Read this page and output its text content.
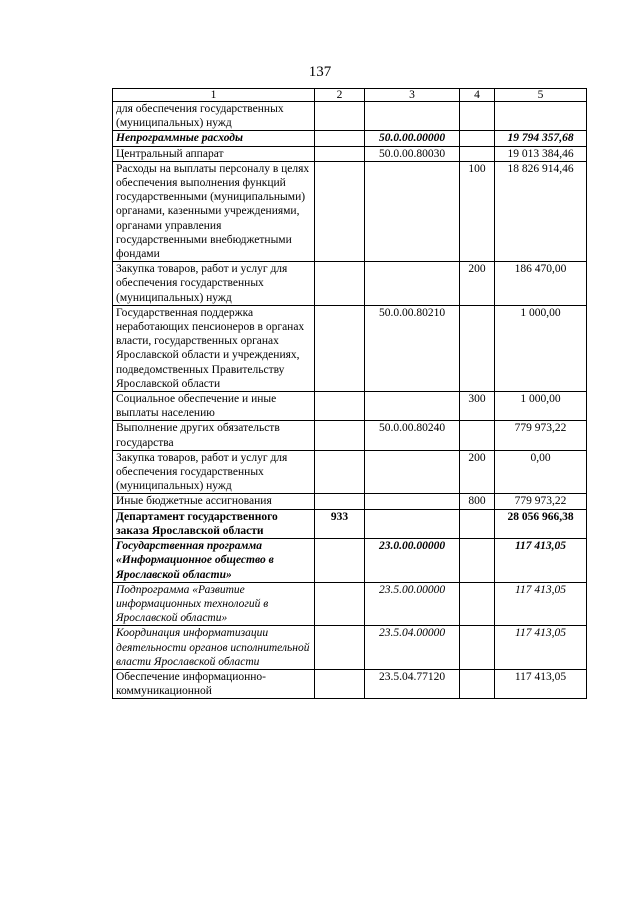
137
1	2	3	4	5
для обеспечения государственных (муниципальных) нужд				
Непрограммные расходы		50.0.00.00000		19 794 357,68
Центральный аппарат		50.0.00.80030		19 013 384,46
Расходы на выплаты персоналу в целях обеспечения выполнения функций государственными (муниципальными) органами, казенными учреждениями, органами управления государственными внебюджетными фондами			100	18 826 914,46
Закупка товаров, работ и услуг для обеспечения государственных (муниципальных) нужд			200	186 470,00
Государственная поддержка неработающих пенсионеров в органах власти, государственных органах Ярославской области и учреждениях, подведомственных Правительству Ярославской области		50.0.00.80210		1 000,00
Социальное обеспечение и иные выплаты населению			300	1 000,00
Выполнение других обязательств государства		50.0.00.80240		779 973,22
Закупка товаров, работ и услуг для обеспечения государственных (муниципальных) нужд			200	0,00
Иные бюджетные ассигнования			800	779 973,22
Департамент государственного заказа Ярославской области	933			28 056 966,38
Государственная программа «Информационное общество в Ярославской области»		23.0.00.00000		117 413,05
Подпрограмма «Развитие информационных технологий в Ярославской области»		23.5.00.00000		117 413,05
Координация информатизации деятельности органов исполнительной власти Ярославской области		23.5.04.00000		117 413,05
Обеспечение информационно-коммуникационной		23.5.04.77120		117 413,05
